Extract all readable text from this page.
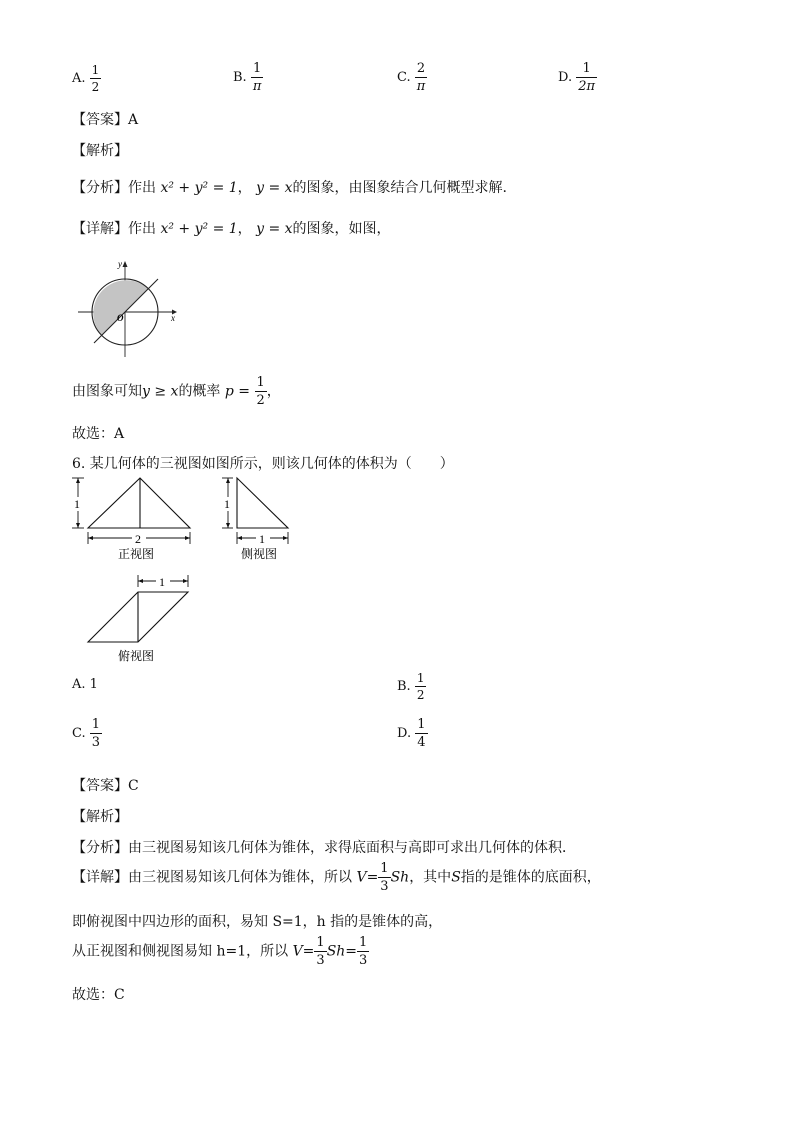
A. $\frac{1}{2}$	B. $\frac{1}{\pi}$	C. $\frac{2}{\pi}$	D. $\frac{1}{2\pi}$
【答案】A
【解析】
【分析】作出 x² + y² = 1， y = x的图象，由图象结合几何概型求解.
【详解】作出 x² + y² = 1， y = x的图象，如图，
y
x
O
由图象可知y ≥ x的概率 $p = \frac{1}{2}$ ，
故选：A
6. 某几何体的三视图如图所示，则该几何体的体积为（　　）
1
2
正视图
1
1
侧视图
1
俯视图
A. 1	B. $\frac{1}{2}$
C. $\frac{1}{3}$	D. $\frac{1}{4}$
【答案】C
【解析】
【分析】由三视图易知该几何体为锥体，求得底面积与高即可求出几何体的体积．
【详解】由三视图易知该几何体为锥体，所以 $V= \frac{1}{3}$ Sh，其中S指的是锥体的底面积，
即俯视图中四边形的面积，易知 S=1，h 指的是锥体的高，
从正视图和侧视图易知 h=1，所以 $V= \frac{1}{3} Sh= \frac{1}{3}$
故选：C
